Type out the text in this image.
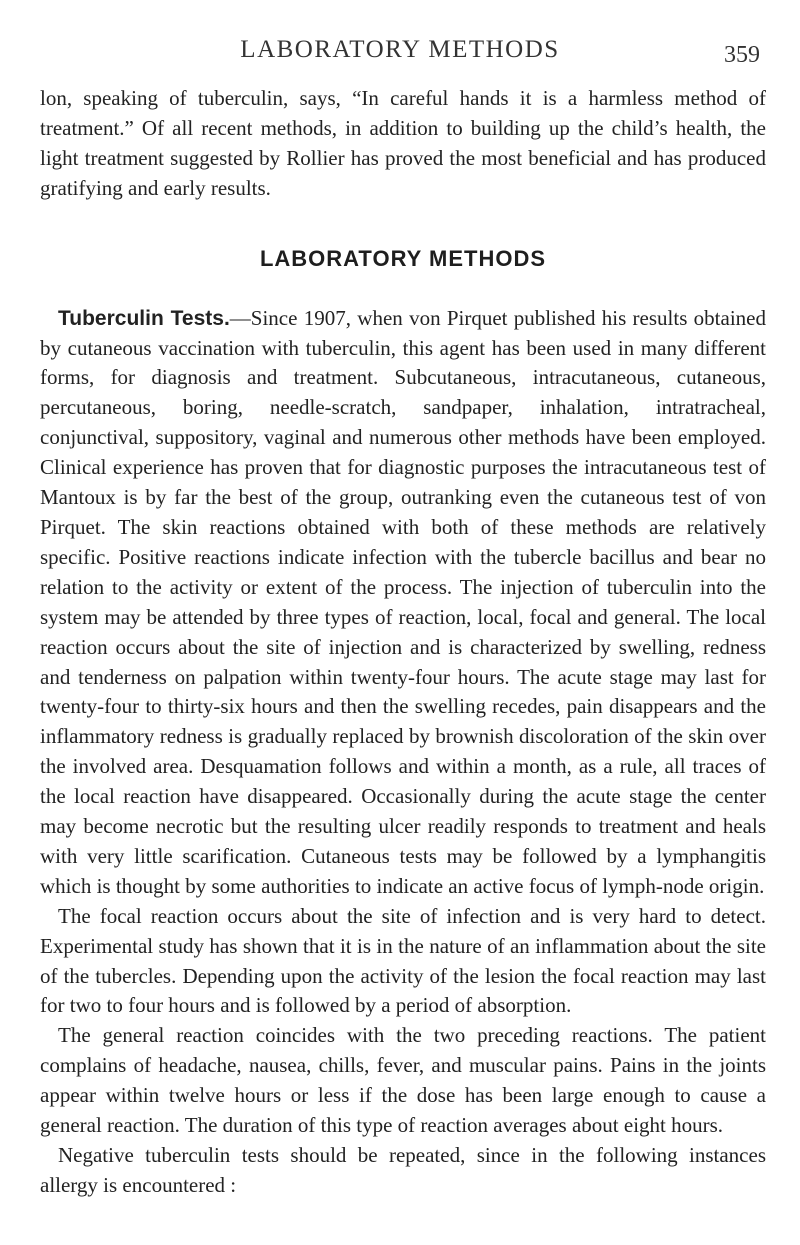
LABORATORY METHODS	359

lon, speaking of tuberculin, says, “In careful hands it is a harmless method of treatment.” Of all recent methods, in addition to building up the child’s health, the light treatment suggested by Rollier has proved the most beneficial and has produced gratifying and early results.

LABORATORY METHODS

Tuberculin Tests.—Since 1907, when von Pirquet published his results obtained by cutaneous vaccination with tuberculin, this agent has been used in many different forms, for diagnosis and treatment. Subcutaneous, intracutaneous, cutaneous, percutaneous, boring, needle-scratch, sandpaper, inhalation, intratracheal, conjunctival, suppository, vaginal and numerous other methods have been employed. Clinical experience has proven that for diagnostic purposes the intracutaneous test of Mantoux is by far the best of the group, outranking even the cutaneous test of von Pirquet. The skin reactions obtained with both of these methods are relatively specific. Positive reactions indicate infection with the tubercle bacillus and bear no relation to the activity or extent of the process. The injection of tuberculin into the system may be attended by three types of reaction, local, focal and general. The local reaction occurs about the site of injection and is characterized by swelling, redness and tenderness on palpation within twenty-four hours. The acute stage may last for twenty-four to thirty-six hours and then the swelling recedes, pain disappears and the inflammatory redness is gradually replaced by brownish discoloration of the skin over the involved area. Desquamation follows and within a month, as a rule, all traces of the local reaction have disappeared. Occasionally during the acute stage the center may become necrotic but the resulting ulcer readily responds to treatment and heals with very little scarification. Cutaneous tests may be followed by a lymphangitis which is thought by some authorities to indicate an active focus of lymph-node origin.

The focal reaction occurs about the site of infection and is very hard to detect. Experimental study has shown that it is in the nature of an inflammation about the site of the tubercles. Depending upon the activity of the lesion the focal reaction may last for two to four hours and is followed by a period of absorption.

The general reaction coincides with the two preceding reactions. The patient complains of headache, nausea, chills, fever, and muscular pains. Pains in the joints appear within twelve hours or less if the dose has been large enough to cause a general reaction. The duration of this type of reaction averages about eight hours.

Negative tuberculin tests should be repeated, since in the following instances allergy is encountered :
